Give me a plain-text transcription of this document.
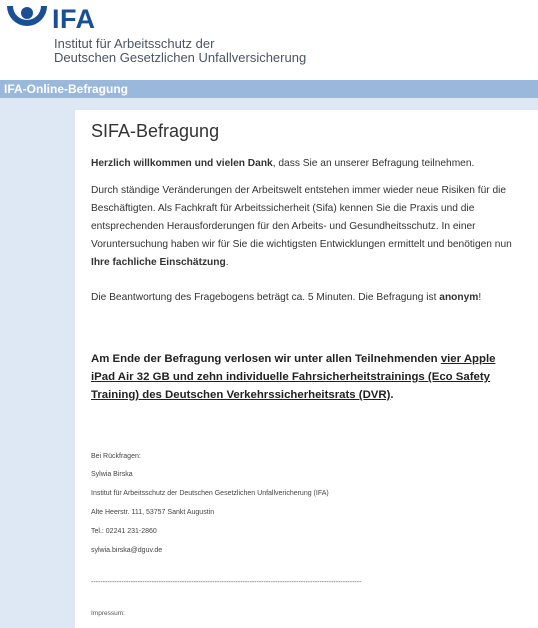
IFA
Institut für Arbeitsschutz der
Deutschen Gesetzlichen Unfallversicherung
IFA-Online-Befragung
SIFA-Befragung

Herzlich willkommen und vielen Dank, dass Sie an unserer Befragung teilnehmen.

Durch ständige Veränderungen der Arbeitswelt entstehen immer wieder neue Risiken für die Beschäftigten. Als Fachkraft für Arbeitssicherheit (Sifa) kennen Sie die Praxis und die entsprechenden Herausforderungen für den Arbeits- und Gesundheitsschutz. In einer Voruntersuchung haben wir für Sie die wichtigsten Entwicklungen ermittelt und benötigen nun Ihre fachliche Einschätzung.

Die Beantwortung des Fragebogens beträgt ca. 5 Minuten. Die Befragung ist anonym!

Am Ende der Befragung verlosen wir unter allen Teilnehmenden vier Apple iPad Air 32 GB und zehn individuelle Fahrsicherheitstrainings (Eco Safety Training) des Deutschen Verkehrssicherheitsrats (DVR).

Bei Rückfragen:
Sylwia Birska
Institut für Arbeitsschutz der Deutschen Gesetzlichen Unfallvericherung (IFA)
Alte Heerstr. 111, 53757 Sankt Augustin
Tel.: 02241 231-2860
sylwia.birska@dguv.de
--------------------------------------------------------------------------------------------------------------------
Impressum:
